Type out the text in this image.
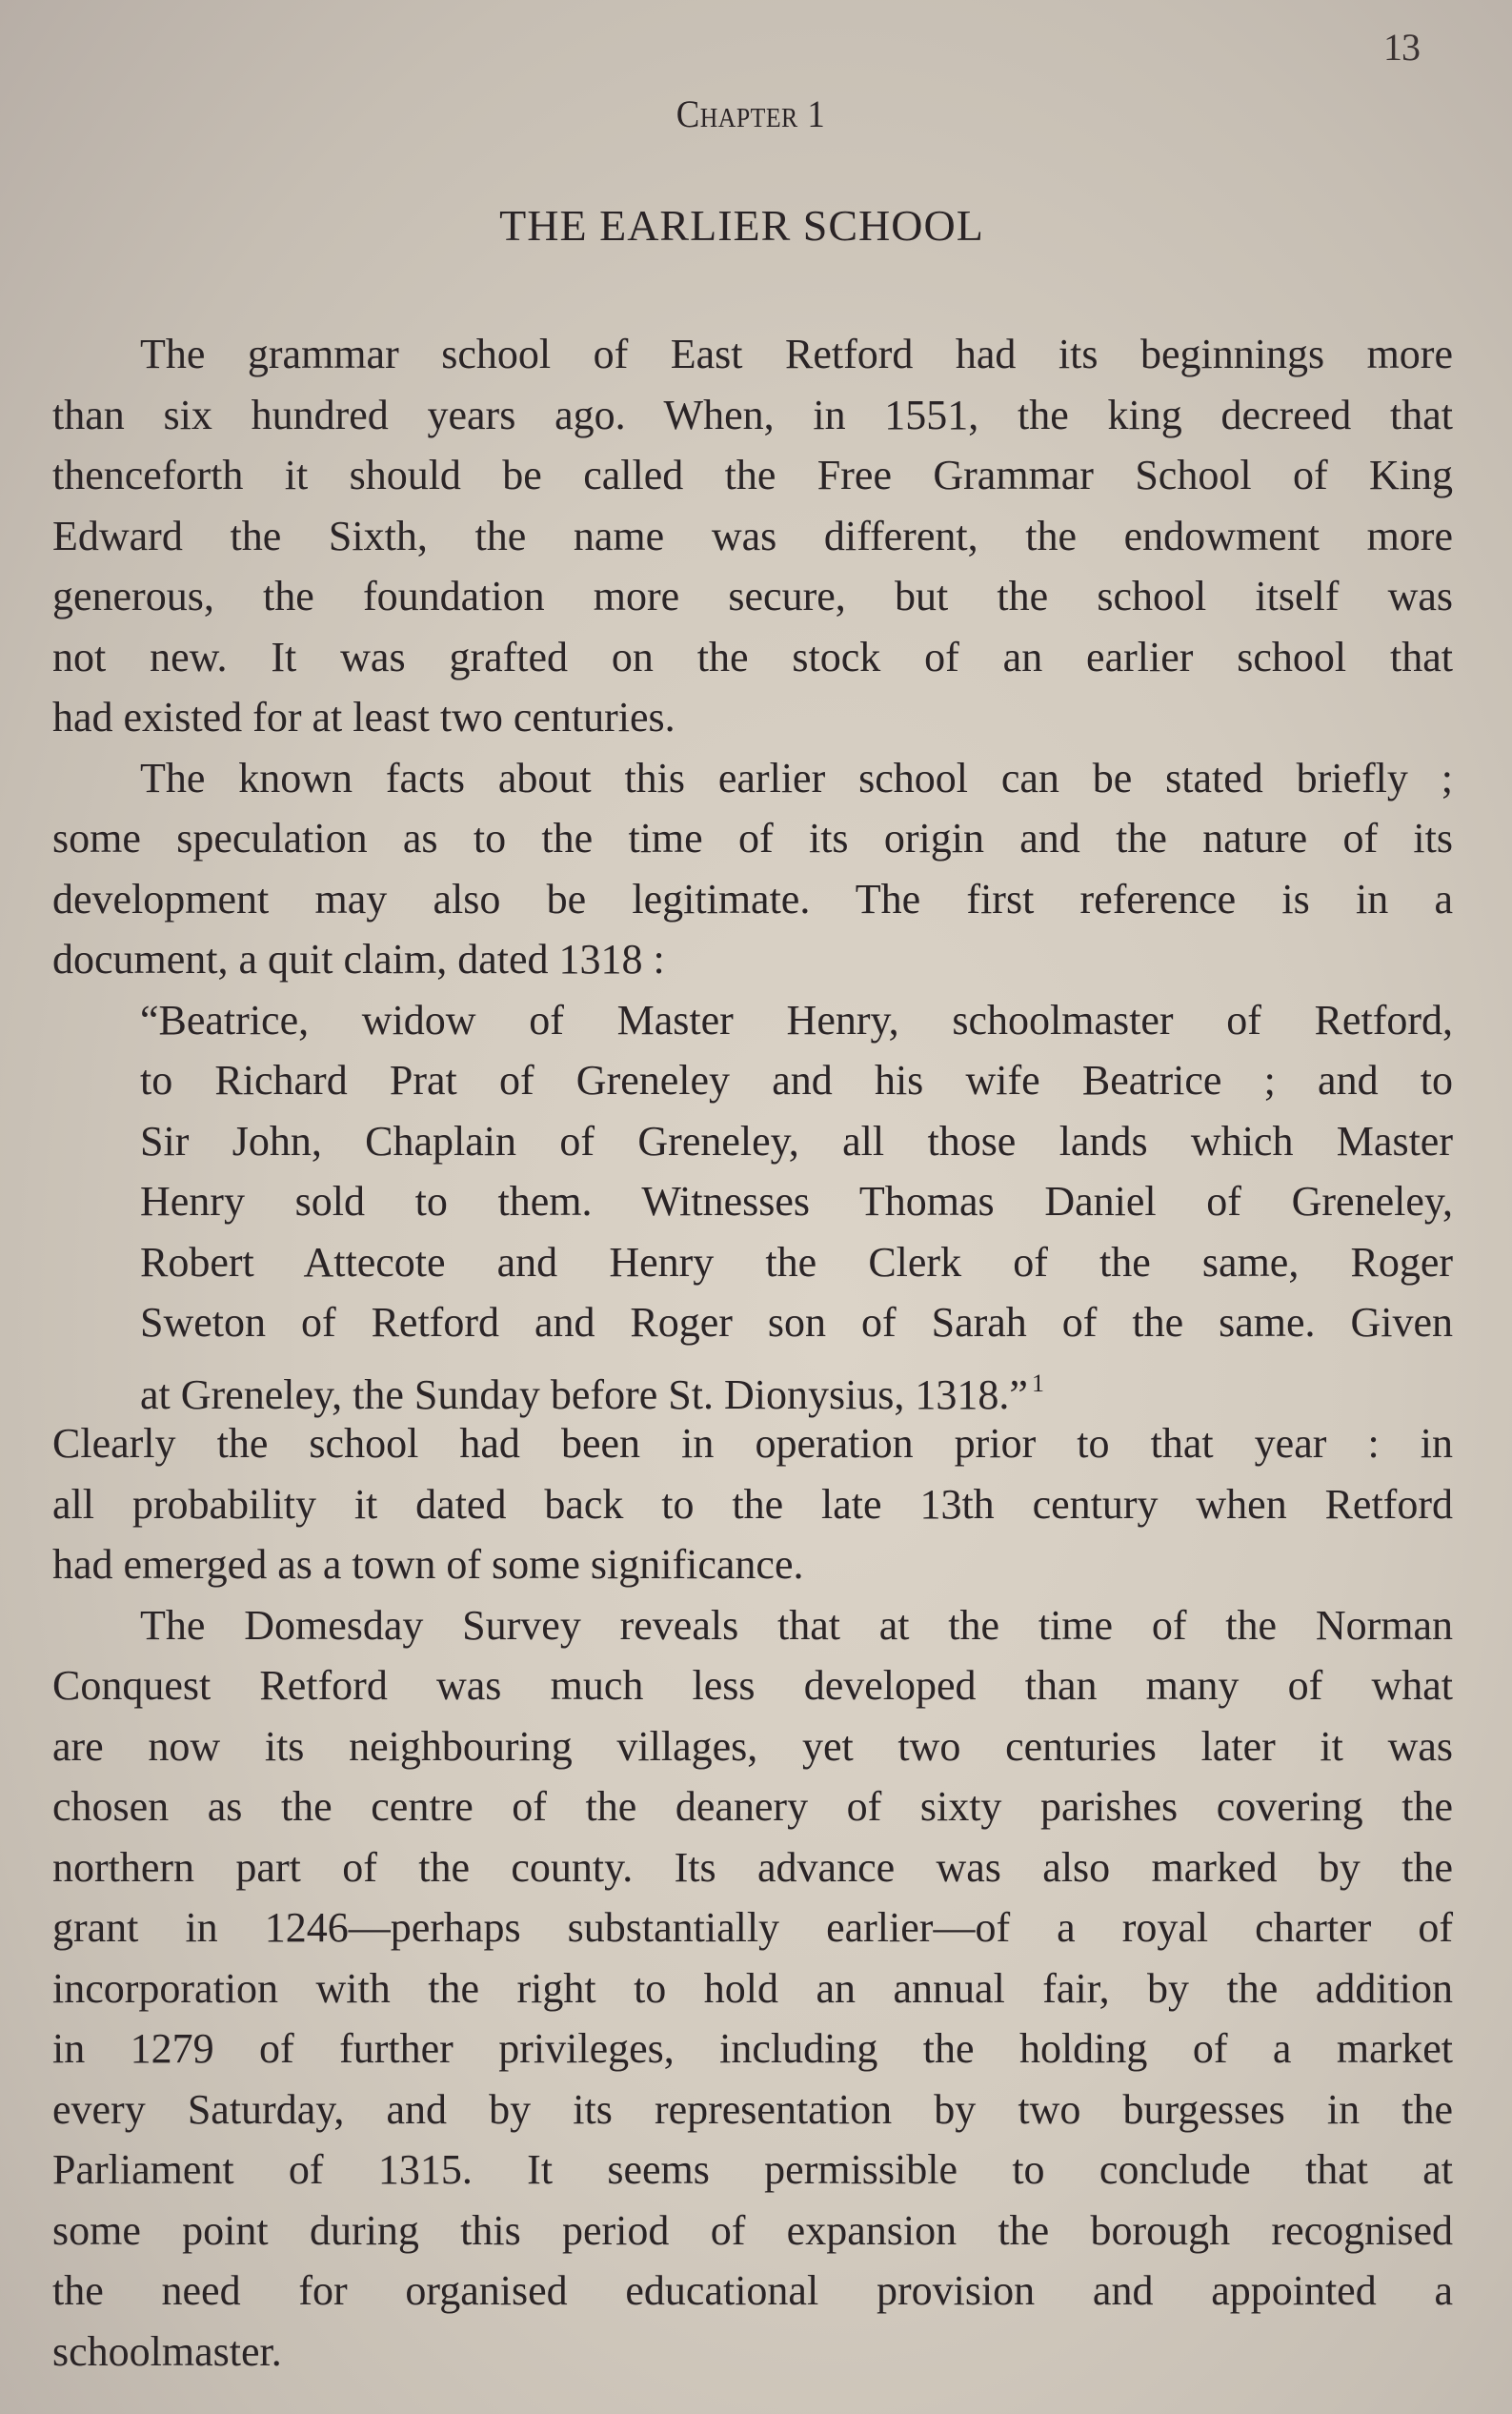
13
Chapter 1
THE EARLIER SCHOOL
The grammar school of East Retford had its beginnings more
than six hundred years ago. When, in 1551, the king decreed that
thenceforth it should be called the Free Grammar School of King
Edward the Sixth, the name was different, the endowment more
generous, the foundation more secure, but the school itself was
not new. It was grafted on the stock of an earlier school that
had existed for at least two centuries.
The known facts about this earlier school can be stated briefly ;
some speculation as to the time of its origin and the nature of its
development may also be legitimate. The first reference is in a
document, a quit claim, dated 1318 :
“Beatrice, widow of Master Henry, schoolmaster of Retford,
to Richard Prat of Greneley and his wife Beatrice ; and to
Sir John, Chaplain of Greneley, all those lands which Master
Henry sold to them. Witnesses Thomas Daniel of Greneley,
Robert Attecote and Henry the Clerk of the same, Roger
Sweton of Retford and Roger son of Sarah of the same. Given
at Greneley, the Sunday before St. Dionysius, 1318.” $^1$
Clearly the school had been in operation prior to that year : in
all probability it dated back to the late 13th century when Retford
had emerged as a town of some significance.
The Domesday Survey reveals that at the time of the Norman
Conquest Retford was much less developed than many of what
are now its neighbouring villages, yet two centuries later it was
chosen as the centre of the deanery of sixty parishes covering the
northern part of the county. Its advance was also marked by the
grant in 1246—perhaps substantially earlier—of a royal charter of
incorporation with the right to hold an annual fair, by the addition
in 1279 of further privileges, including the holding of a market
every Saturday, and by its representation by two burgesses in the
Parliament of 1315. It seems permissible to conclude that at
some point during this period of expansion the borough recognised
the need for organised educational provision and appointed a
schoolmaster.
